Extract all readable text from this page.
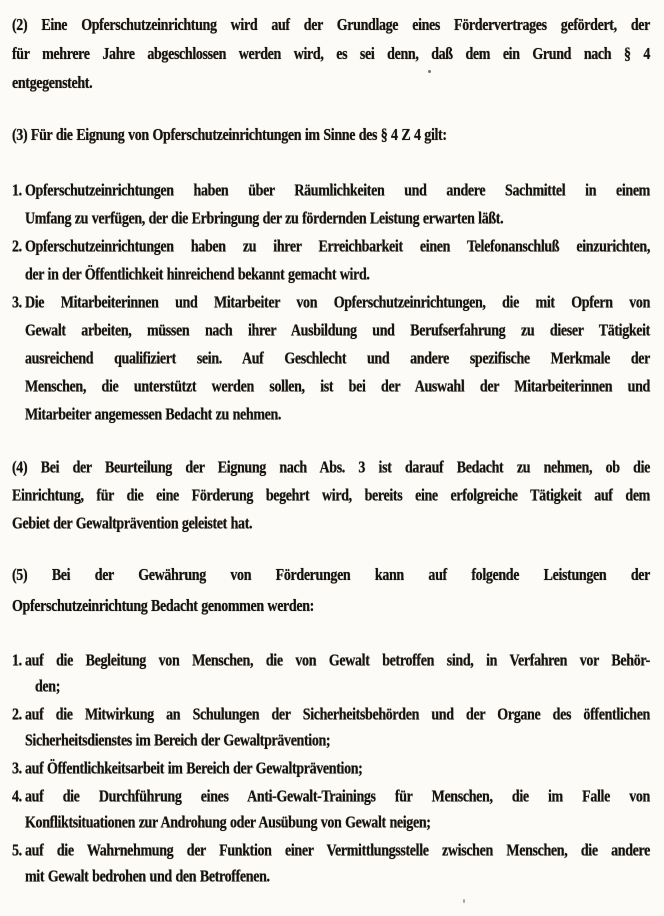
(2) Eine Opferschutzeinrichtung wird auf der Grundlage eines Fördervertrages gefördert, der
für mehrere Jahre abgeschlossen werden wird, es sei denn, daß dem ein Grund nach § 4
entgegensteht.
(3) Für die Eignung von Opferschutzeinrichtungen im Sinne des § 4 Z 4 gilt:
1. Opferschutzeinrichtungen haben über Räumlichkeiten und andere Sachmittel in einem
Umfang zu verfügen, der die Erbringung der zu fördernden Leistung erwarten läßt.
2. Opferschutzeinrichtungen haben zu ihrer Erreichbarkeit einen Telefonanschluß einzurichten,
der in der Öffentlichkeit hinreichend bekannt gemacht wird.
3. Die Mitarbeiterinnen und Mitarbeiter von Opferschutzeinrichtungen, die mit Opfern von
Gewalt arbeiten, müssen nach ihrer Ausbildung und Berufserfahrung zu dieser Tätigkeit
ausreichend qualifiziert sein. Auf Geschlecht und andere spezifische Merkmale der
Menschen, die unterstützt werden sollen, ist bei der Auswahl der Mitarbeiterinnen und
Mitarbeiter angemessen Bedacht zu nehmen.
(4) Bei der Beurteilung der Eignung nach Abs. 3 ist darauf Bedacht zu nehmen, ob die
Einrichtung, für die eine Förderung begehrt wird, bereits eine erfolgreiche Tätigkeit auf dem
Gebiet der Gewaltprävention geleistet hat.
(5) Bei der Gewährung von Förderungen kann auf folgende Leistungen der
Opferschutzeinrichtung Bedacht genommen werden:
1. auf die Begleitung von Menschen, die von Gewalt betroffen sind, in Verfahren vor Behör-
den;
2. auf die Mitwirkung an Schulungen der Sicherheitsbehörden und der Organe des öffentlichen
Sicherheitsdienstes im Bereich der Gewaltprävention;
3. auf Öffentlichkeitsarbeit im Bereich der Gewaltprävention;
4. auf die Durchführung eines Anti-Gewalt-Trainings für Menschen, die im Falle von
Konfliktsituationen zur Androhung oder Ausübung von Gewalt neigen;
5. auf die Wahrnehmung der Funktion einer Vermittlungsstelle zwischen Menschen, die andere
mit Gewalt bedrohen und den Betroffenen.
